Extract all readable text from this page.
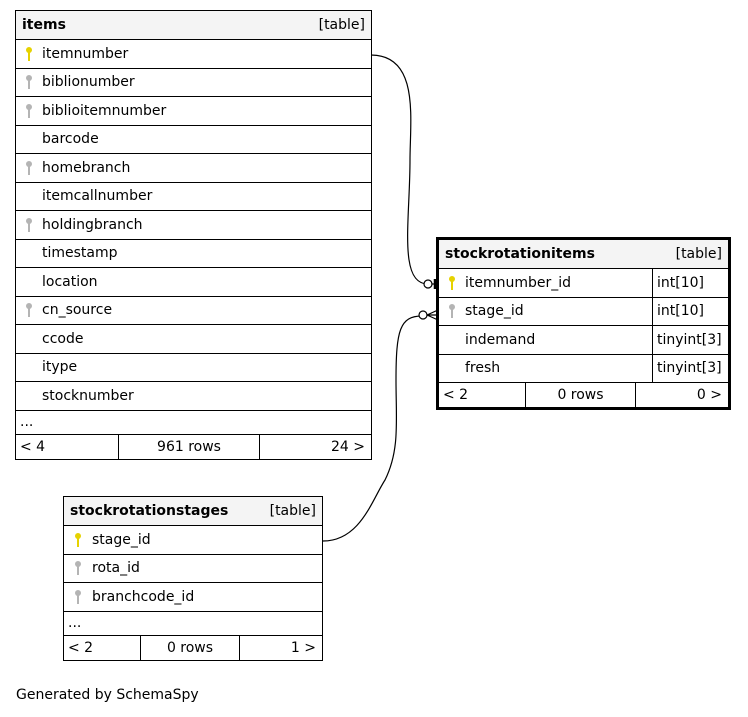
items	[table]
itemnumber
biblionumber
biblioitemnumber
barcode
homebranch
itemcallnumber
holdingbranch
timestamp
location
cn_source
ccode
itype
stocknumber
...
< 4	961 rows	24 >
stockrotationitems	[table]
itemnumber_id	int[10]
stage_id	int[10]
indemand	tinyint[3]
fresh	tinyint[3]
< 2	0 rows	0 >
stockrotationstages	[table]
stage_id
rota_id
branchcode_id
...
< 2	0 rows	1 >
Generated by SchemaSpy
